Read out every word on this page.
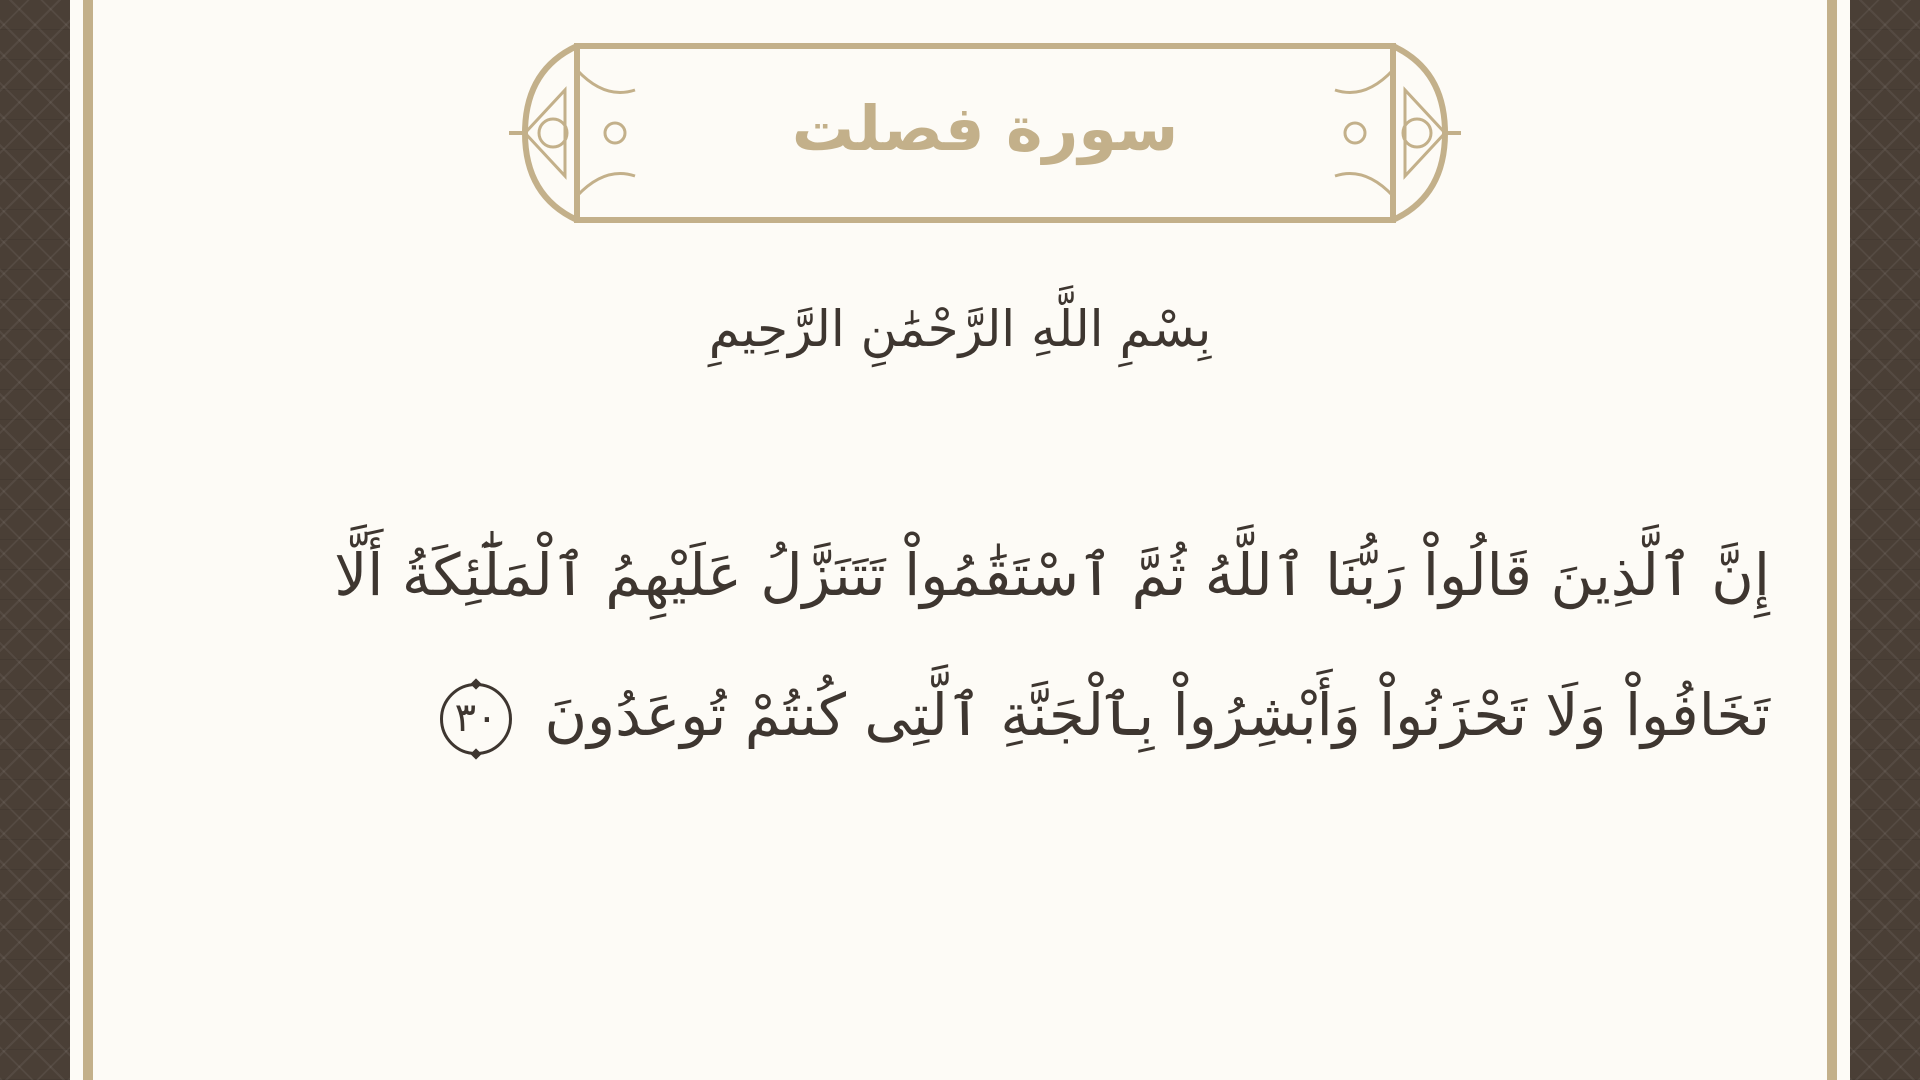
سورة فصلت
بِسْمِ اللَّهِ الرَّحْمَٰنِ الرَّحِيمِ
إِنَّ ٱلَّذِينَ قَالُواْ رَبُّنَا ٱللَّهُ ثُمَّ ٱسْتَقَٰمُواْ تَتَنَزَّلُ عَلَيْهِمُ ٱلْمَلَٰٓئِكَةُ أَلَّا تَخَافُواْ وَلَا تَحْزَنُواْ وَأَبْشِرُواْ بِٱلْجَنَّةِ ٱلَّتِى كُنتُمْ تُوعَدُونَ ٣٠
